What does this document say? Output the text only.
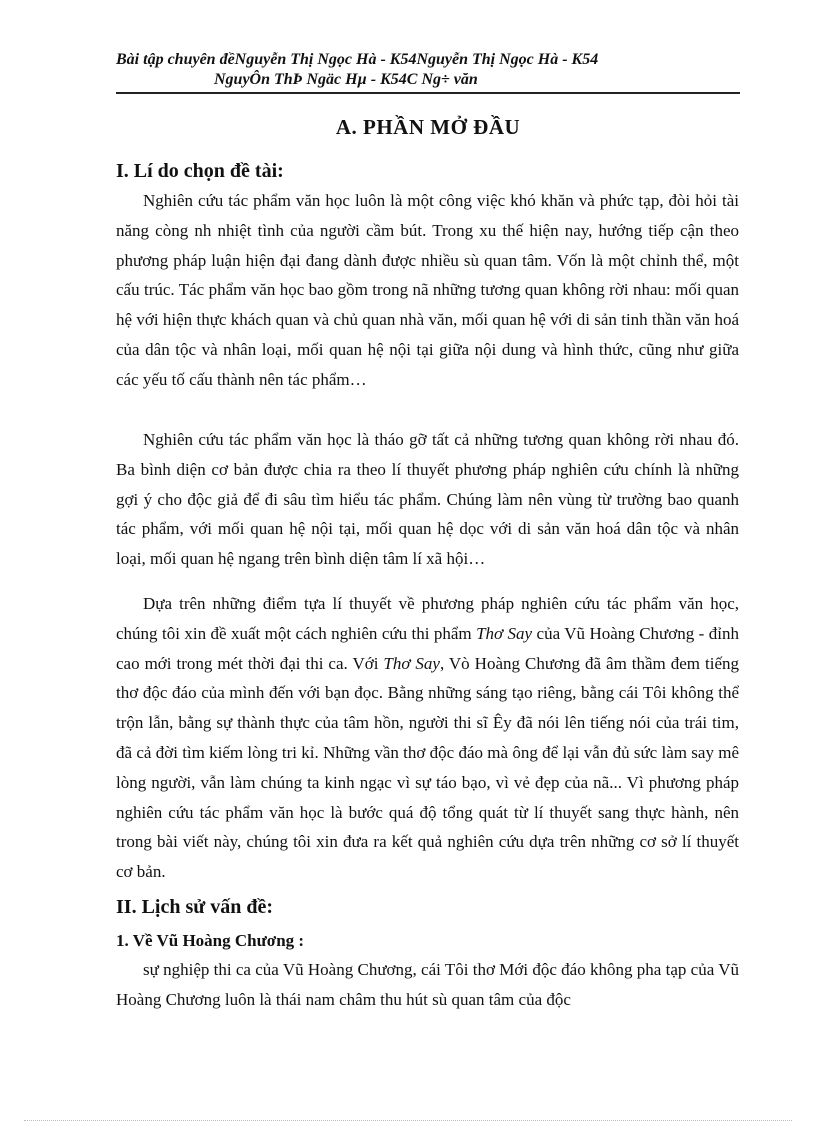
Bài tập chuyên đềNguyễn Thị Ngọc Hà - K54Nguyễn Thị Ngọc Hà - K54
NguyÔn ThÞ Ngäc Hµ - K54C Ng÷ văn
A. PHẦN MỞ ĐẦU
I. Lí do chọn đề tài:

Nghiên cứu tác phẩm văn học luôn là một công việc khó khăn và phức tạp, đòi hỏi tài năng còng nh nhiệt tình của người cầm bút. Trong xu thế hiện nay, hướng tiếp cận theo phương pháp luận hiện đại đang dành được nhiều sù quan tâm. Vốn là một chỉnh thể, một cấu trúc. Tác phẩm văn học bao gồm trong nã những tương quan không rời nhau: mối quan hệ với hiện thực khách quan và chủ quan nhà văn, mối quan hệ với di sản tinh thần văn hoá của dân tộc và nhân loại, mối quan hệ nội tại giữa nội dung và hình thức, cũng như giữa các yếu tố cấu thành nên tác phẩm…

Nghiên cứu tác phẩm văn học là tháo gỡ tất cả những tương quan không rời nhau đó. Ba bình diện cơ bản được chia ra theo lí thuyết phương pháp nghiên cứu chính là những gợi ý cho độc giả để đi sâu tìm hiểu tác phẩm. Chúng làm nên vùng từ trường bao quanh tác phẩm, với mối quan hệ nội tại, mối quan hệ dọc với di sản văn hoá dân tộc và nhân loại, mối quan hệ ngang trên bình diện tâm lí xã hội…

Dựa trên những điểm tựa lí thuyết về phương pháp nghiên cứu tác phẩm văn học, chúng tôi xin đề xuất một cách nghiên cứu thi phẩm Thơ Say của Vũ Hoàng Chương - đỉnh cao mới trong mét thời đại thi ca. Với Thơ Say, Vò Hoàng Chương đã âm thầm đem tiếng thơ độc đáo của mình đến với bạn đọc. Bằng những sáng tạo riêng, bằng cái Tôi không thể trộn lẫn, bằng sự thành thực của tâm hồn, người thi sĩ Êy đã nói lên tiếng nói của trái tim, đã cả đời tìm kiếm lòng tri kỉ. Những vần thơ độc đáo mà ông để lại vẫn đủ sức làm say mê lòng người, vẫn làm chúng ta kinh ngạc vì sự táo bạo, vì vẻ đẹp của nã... Vì phương pháp nghiên cứu tác phẩm văn học là bước quá độ tổng quát từ lí thuyết sang thực hành, nên trong bài viết này, chúng tôi xin đưa ra kết quả nghiên cứu dựa trên những cơ sở lí thuyết cơ bản.

II. Lịch sử vấn đề:
1. Về Vũ Hoàng Chương :

sự nghiệp thi ca của Vũ Hoàng Chương, cái Tôi thơ Mới độc đáo không pha tạp của Vũ Hoàng Chương luôn là thái nam châm thu hút sù quan tâm của độc
